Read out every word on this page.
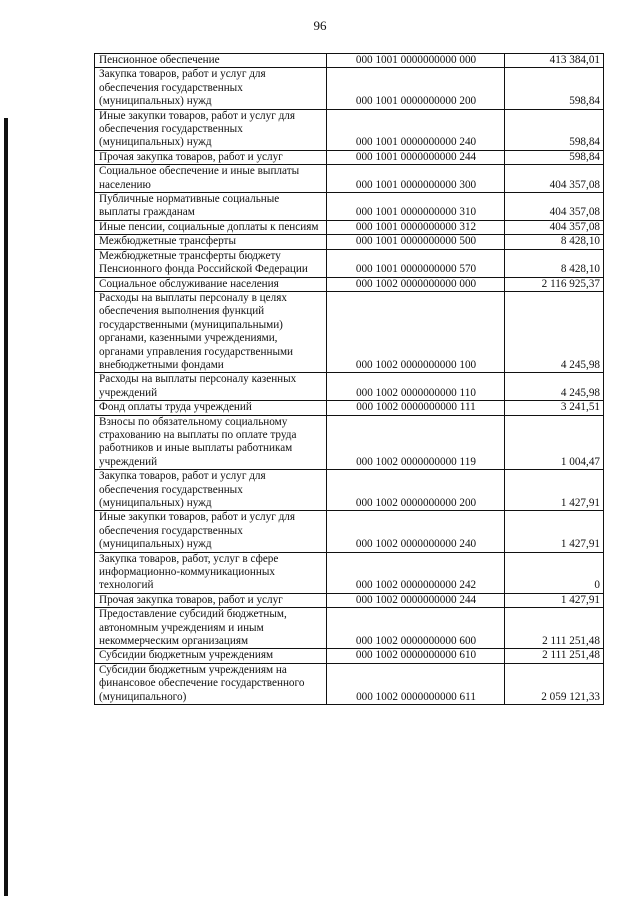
96
Пенсионное обеспечение	000 1001 0000000000 000	413 384,01
Закупка товаров, работ и услуг для обеспечения государственных (муниципальных) нужд	000 1001 0000000000 200	598,84
Иные закупки товаров, работ и услуг для обеспечения государственных (муниципальных) нужд	000 1001 0000000000 240	598,84
Прочая закупка товаров, работ и услуг	000 1001 0000000000 244	598,84
Социальное обеспечение и иные выплаты населению	000 1001 0000000000 300	404 357,08
Публичные нормативные социальные выплаты гражданам	000 1001 0000000000 310	404 357,08
Иные пенсии, социальные доплаты к пенсиям	000 1001 0000000000 312	404 357,08
Межбюджетные трансферты	000 1001 0000000000 500	8 428,10
Межбюджетные трансферты бюджету Пенсионного фонда Российской Федерации	000 1001 0000000000 570	8 428,10
Социальное обслуживание населения	000 1002 0000000000 000	2 116 925,37
Расходы на выплаты персоналу в целях обеспечения выполнения функций государственными (муниципальными) органами, казенными учреждениями, органами управления государственными внебюджетными фондами	000 1002 0000000000 100	4 245,98
Расходы на выплаты персоналу казенных учреждений	000 1002 0000000000 110	4 245,98
Фонд оплаты труда учреждений	000 1002 0000000000 111	3 241,51
Взносы по обязательному социальному страхованию на выплаты по оплате труда работников и иные выплаты работникам учреждений	000 1002 0000000000 119	1 004,47
Закупка товаров, работ и услуг для обеспечения государственных (муниципальных) нужд	000 1002 0000000000 200	1 427,91
Иные закупки товаров, работ и услуг для обеспечения государственных (муниципальных) нужд	000 1002 0000000000 240	1 427,91
Закупка товаров, работ, услуг в сфере информационно-коммуникационных технологий	000 1002 0000000000 242	0
Прочая закупка товаров, работ и услуг	000 1002 0000000000 244	1 427,91
Предоставление субсидий бюджетным, автономным учреждениям и иным некоммерческим организациям	000 1002 0000000000 600	2 111 251,48
Субсидии бюджетным учреждениям	000 1002 0000000000 610	2 111 251,48
Субсидии бюджетным учреждениям на финансовое обеспечение государственного (муниципального)	000 1002 0000000000 611	2 059 121,33
